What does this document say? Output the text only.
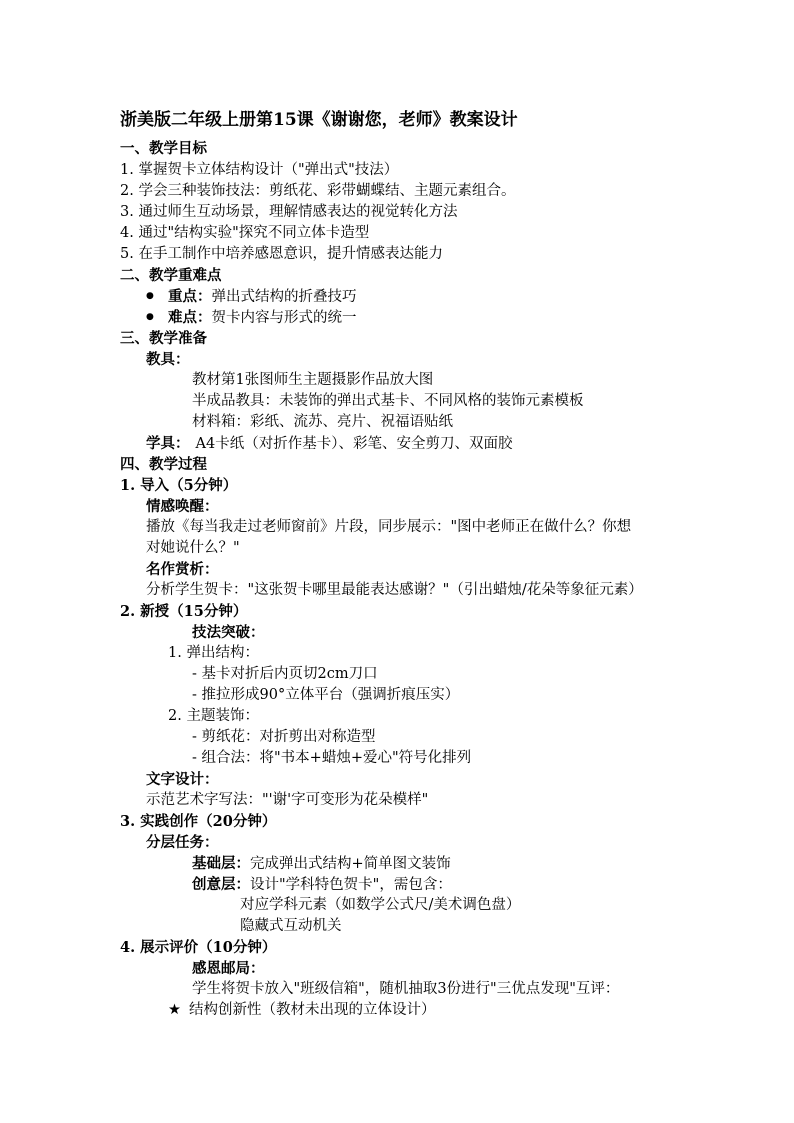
浙美版二年级上册第15课《谢谢您，老师》教案设计
一、教学目标
1. 掌握贺卡立体结构设计（"弹出式"技法）
2. 学会三种装饰技法：剪纸花、彩带蝴蝶结、主题元素组合。
3. 通过师生互动场景，理解情感表达的视觉转化方法
4. 通过"结构实验"探究不同立体卡造型
5. 在手工制作中培养感恩意识，提升情感表达能力
二、教学重难点
● 重点：弹出式结构的折叠技巧
● 难点：贺卡内容与形式的统一
三、教学准备
教具：
教材第1张图师生主题摄影作品放大图
半成品教具：未装饰的弹出式基卡、不同风格的装饰元素模板
材料箱：彩纸、流苏、亮片、祝福语贴纸
学具： A4卡纸（对折作基卡）、彩笔、安全剪刀、双面胶
四、教学过程
1. 导入（5分钟）
情感唤醒：
播放《每当我走过老师窗前》片段，同步展示："图中老师正在做什么？你想
对她说什么？"
名作赏析：
分析学生贺卡："这张贺卡哪里最能表达感谢？"（引出蜡烛/花朵等象征元素）
2. 新授（15分钟）
技法突破：
1. 弹出结构：
- 基卡对折后内页切2cm刀口
- 推拉形成90°立体平台（强调折痕压实）
2. 主题装饰：
- 剪纸花：对折剪出对称造型
- 组合法：将"书本+蜡烛+爱心"符号化排列
文字设计：
示范艺术字写法："'谢'字可变形为花朵模样"
3. 实践创作（20分钟）
分层任务：
基础层：完成弹出式结构+简单图文装饰
创意层：设计"学科特色贺卡"，需包含：
对应学科元素（如数学公式尺/美术调色盘）
隐藏式互动机关
4. 展示评价（10分钟）
感恩邮局：
学生将贺卡放入"班级信箱"，随机抽取3份进行"三优点发现"互评：
★ 结构创新性（教材未出现的立体设计）
